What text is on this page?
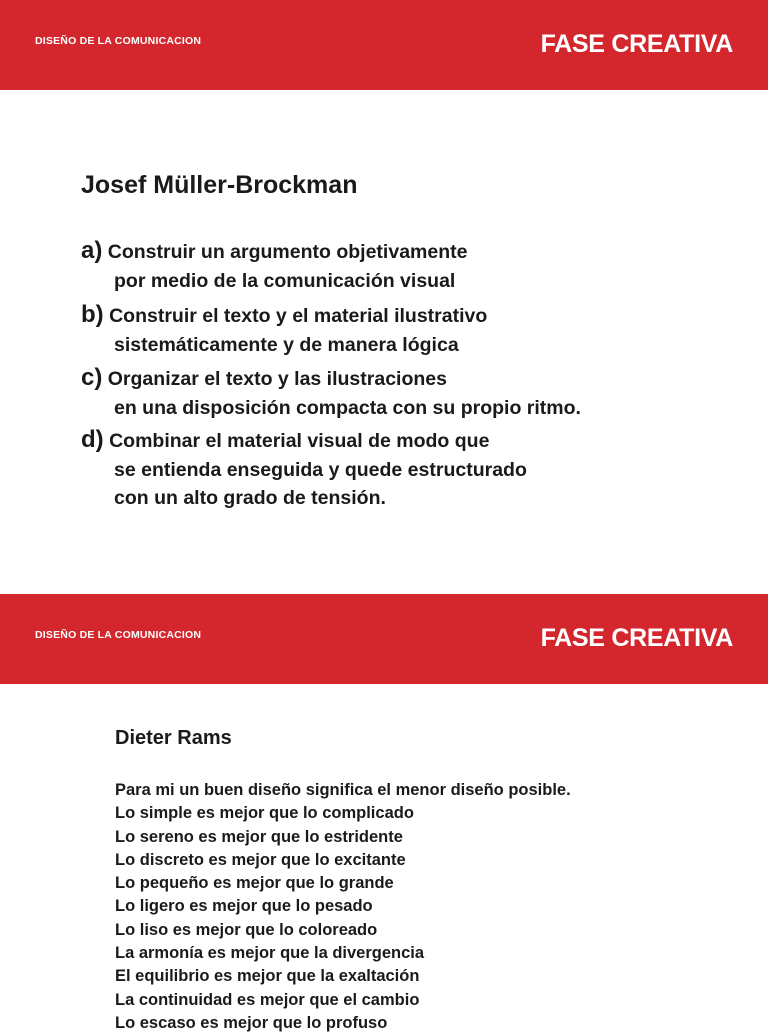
DISEÑO DE LA COMUNICACION	FASE CREATIVA
Josef Müller-Brockman
a) Construir un argumento objetivamente
por medio de la comunicación visual
b) Construir el texto y el material ilustrativo
sistemáticamente y de manera lógica
c) Organizar el texto y las ilustraciones
en una disposición compacta con su propio ritmo.
d) Combinar el material visual de modo que
se entienda enseguida y quede estructurado
con un alto grado de tensión.
DISEÑO DE LA COMUNICACION	FASE CREATIVA
Dieter Rams
Para mi un buen diseño significa el menor diseño posible.
Lo simple es mejor que lo complicado
Lo sereno es mejor que lo estridente
Lo discreto es mejor que lo excitante
Lo pequeño es mejor que lo grande
Lo ligero es mejor que lo pesado
Lo liso es mejor que lo coloreado
La armonía es mejor que la divergencia
El equilibrio es mejor que la exaltación
La continuidad es mejor que el cambio
Lo escaso es mejor que lo profuso
